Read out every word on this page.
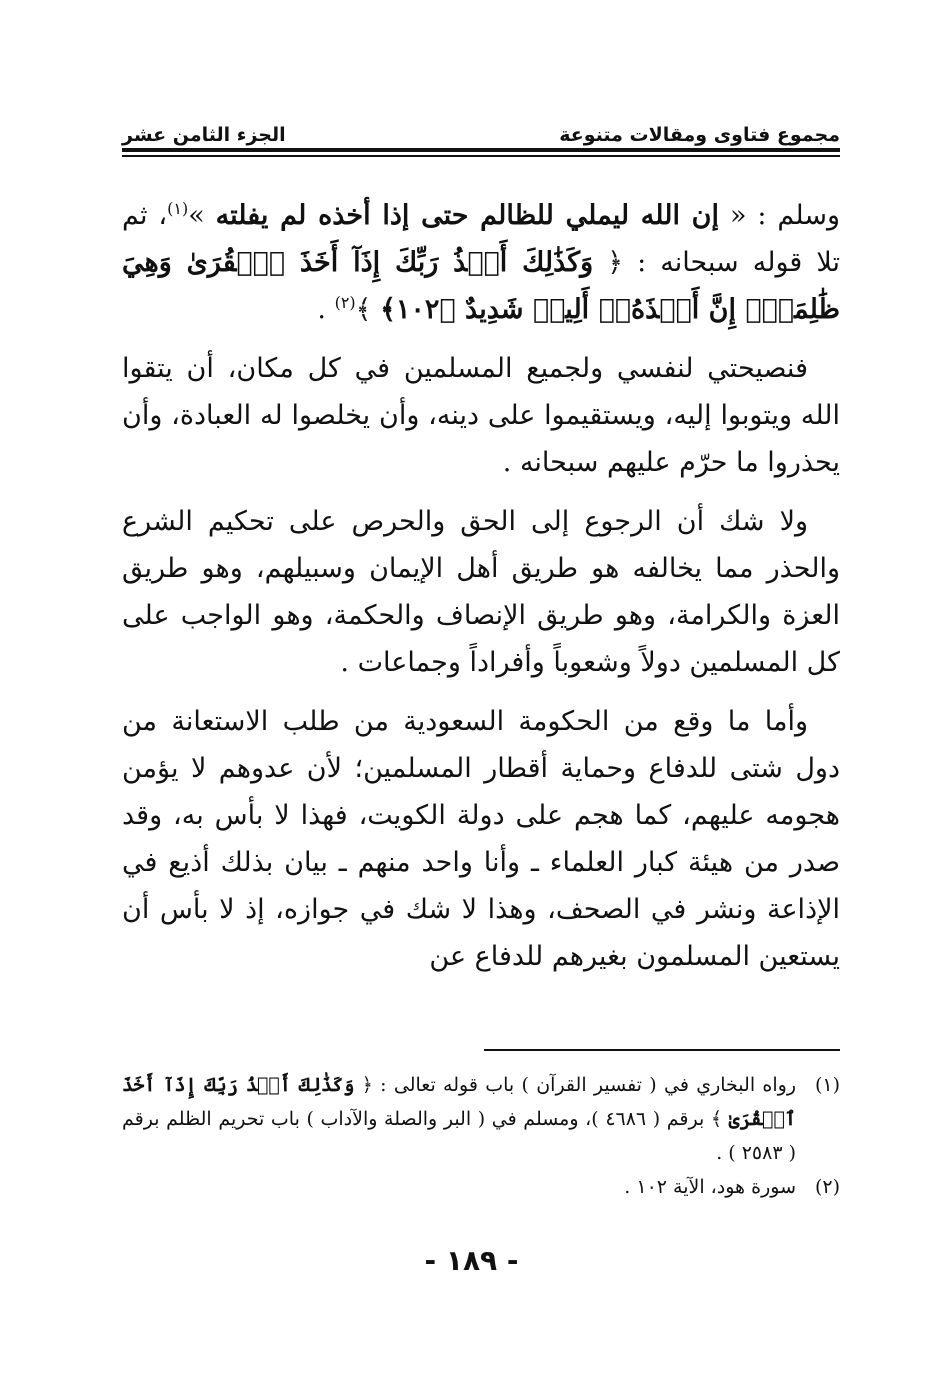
مجموع فتاوى ومقالات متنوعة
الجزء الثامن عشر

وسلم : « إن الله ليملي للظالم حتى إذا أخذه لم يفلته »$^{(١)}$، ثم تلا قوله سبحانه : ﴿ وَكَذَٰلِكَ أَخۡذُ رَبِّكَ إِذَآ أَخَذَ ٱلۡقُرَىٰ وَهِيَ ظَٰلِمَةٌۚ إِنَّ أَخۡذَهُۥٓ أَلِيمٞ شَدِيدٌ ﴿١٠٢﴾ ﴾$^{(٢)}$ .

فنصيحتي لنفسي ولجميع المسلمين في كل مكان، أن يتقوا الله ويتوبوا إليه، ويستقيموا على دينه، وأن يخلصوا له العبادة، وأن يحذروا ما حرّم عليهم سبحانه .

ولا شك أن الرجوع إلى الحق والحرص على تحكيم الشرع والحذر مما يخالفه هو طريق أهل الإيمان وسبيلهم، وهو طريق العزة والكرامة، وهو طريق الإنصاف والحكمة، وهو الواجب على كل المسلمين دولاً وشعوباً وأفراداً وجماعات .

وأما ما وقع من الحكومة السعودية من طلب الاستعانة من دول شتى للدفاع وحماية أقطار المسلمين؛ لأن عدوهم لا يؤمن هجومه عليهم، كما هجم على دولة الكويت، فهذا لا بأس به، وقد صدر من هيئة كبار العلماء ـ وأنا واحد منهم ـ بيان بذلك أذيع في الإذاعة ونشر في الصحف، وهذا لا شك في جوازه، إذ لا بأس أن يستعين المسلمون بغيرهم للدفاع عن

(١)
رواه البخاري في ( تفسير القرآن ) باب قوله تعالى : ﴿ وَكَذَٰلِكَ أَخۡذُ رَبِّكَ إِذَآ أَخَذَ ٱلۡقُرَىٰ ﴾ برقم ( ٤٦٨٦ )، ومسلم في ( البر والصلة والآداب ) باب تحريم الظلم برقم ( ٢٥٨٣ ) .
(٢)
سورة هود، الآية ١٠٢ .
- ١٨٩ -
